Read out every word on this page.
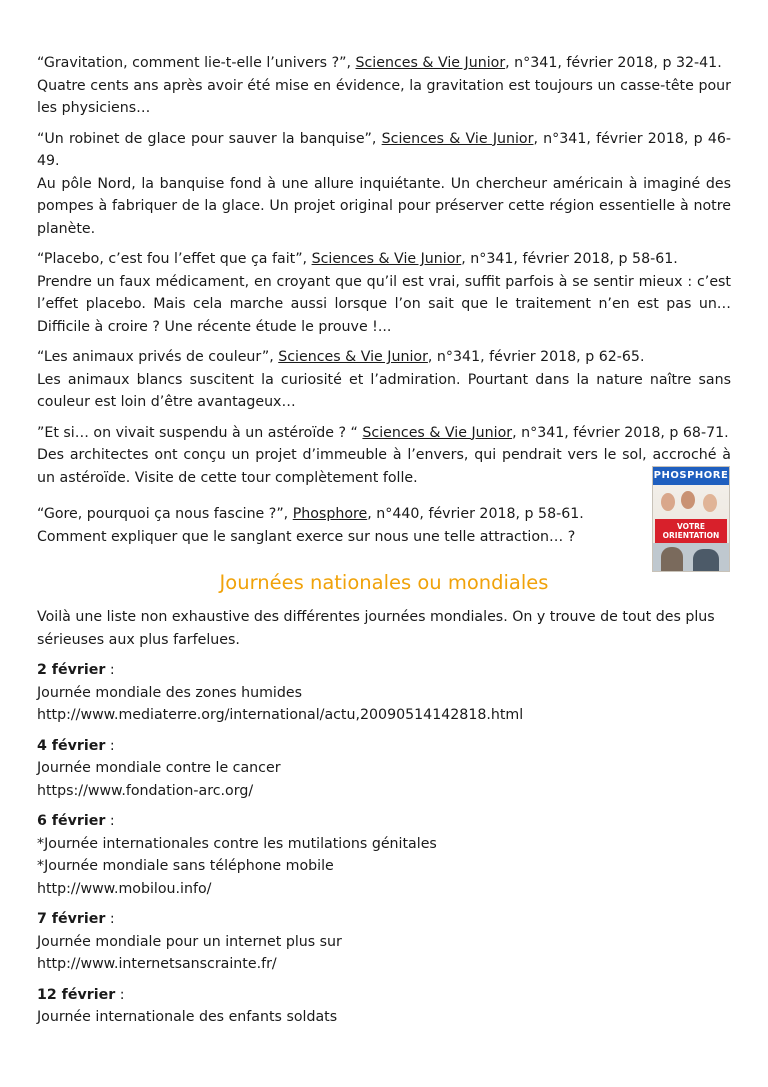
“Gravitation, comment lie-t-elle l’univers ?”, Sciences & Vie Junior, n°341, février 2018, p 32-41.
Quatre cents ans après avoir été mise en évidence, la gravitation est toujours un casse-tête pour les physiciens…
“Un robinet de glace pour sauver la banquise”, Sciences & Vie Junior, n°341, février 2018, p 46-49.
Au pôle Nord, la banquise fond à une allure inquiétante. Un chercheur américain à imaginé des pompes à fabriquer de la glace. Un projet original pour préserver cette région essentielle à notre planète.
“Placebo, c’est fou l’effet que ça fait”, Sciences & Vie Junior, n°341, février 2018, p 58-61.
Prendre un faux médicament, en croyant que qu’il est vrai, suffit parfois à se sentir mieux : c’est l’effet placebo. Mais cela marche aussi lorsque l’on sait que le traitement n’en est pas un… Difficile à croire ? Une récente étude le prouve !...
“Les animaux privés de couleur”, Sciences & Vie Junior, n°341, février 2018, p 62-65.
Les animaux blancs suscitent la curiosité et l’admiration. Pourtant dans la nature naître sans couleur est loin d’être avantageux…
”Et si… on vivait suspendu à un astéroïde ? “ Sciences & Vie Junior, n°341, février 2018, p 68-71.
Des architectes ont conçu un projet d’immeuble à l’envers, qui pendrait vers le sol, accroché à un astéroïde. Visite de cette tour complètement folle.
“Gore, pourquoi ça nous fascine ?”, Phosphore, n°440, février 2018, p 58-61.
Comment expliquer que le sanglant exerce sur nous une telle attraction… ?
Journées nationales ou mondiales
Voilà une liste non exhaustive des différentes journées mondiales. On y trouve de tout des plus sérieuses aux plus farfelues.
2 février :
Journée mondiale des zones humides
http://www.mediaterre.org/international/actu,20090514142818.html
4 février :
Journée mondiale contre le cancer
https://www.fondation-arc.org/
6 février :
*Journée internationales contre les mutilations génitales
*Journée mondiale sans téléphone mobile
http://www.mobilou.info/
7 février :
Journée mondiale pour un internet plus sur
http://www.internetsanscrainte.fr/
12 février :
Journée internationale des enfants soldats
PHOSPHORE
VOTRE ORIENTATION
